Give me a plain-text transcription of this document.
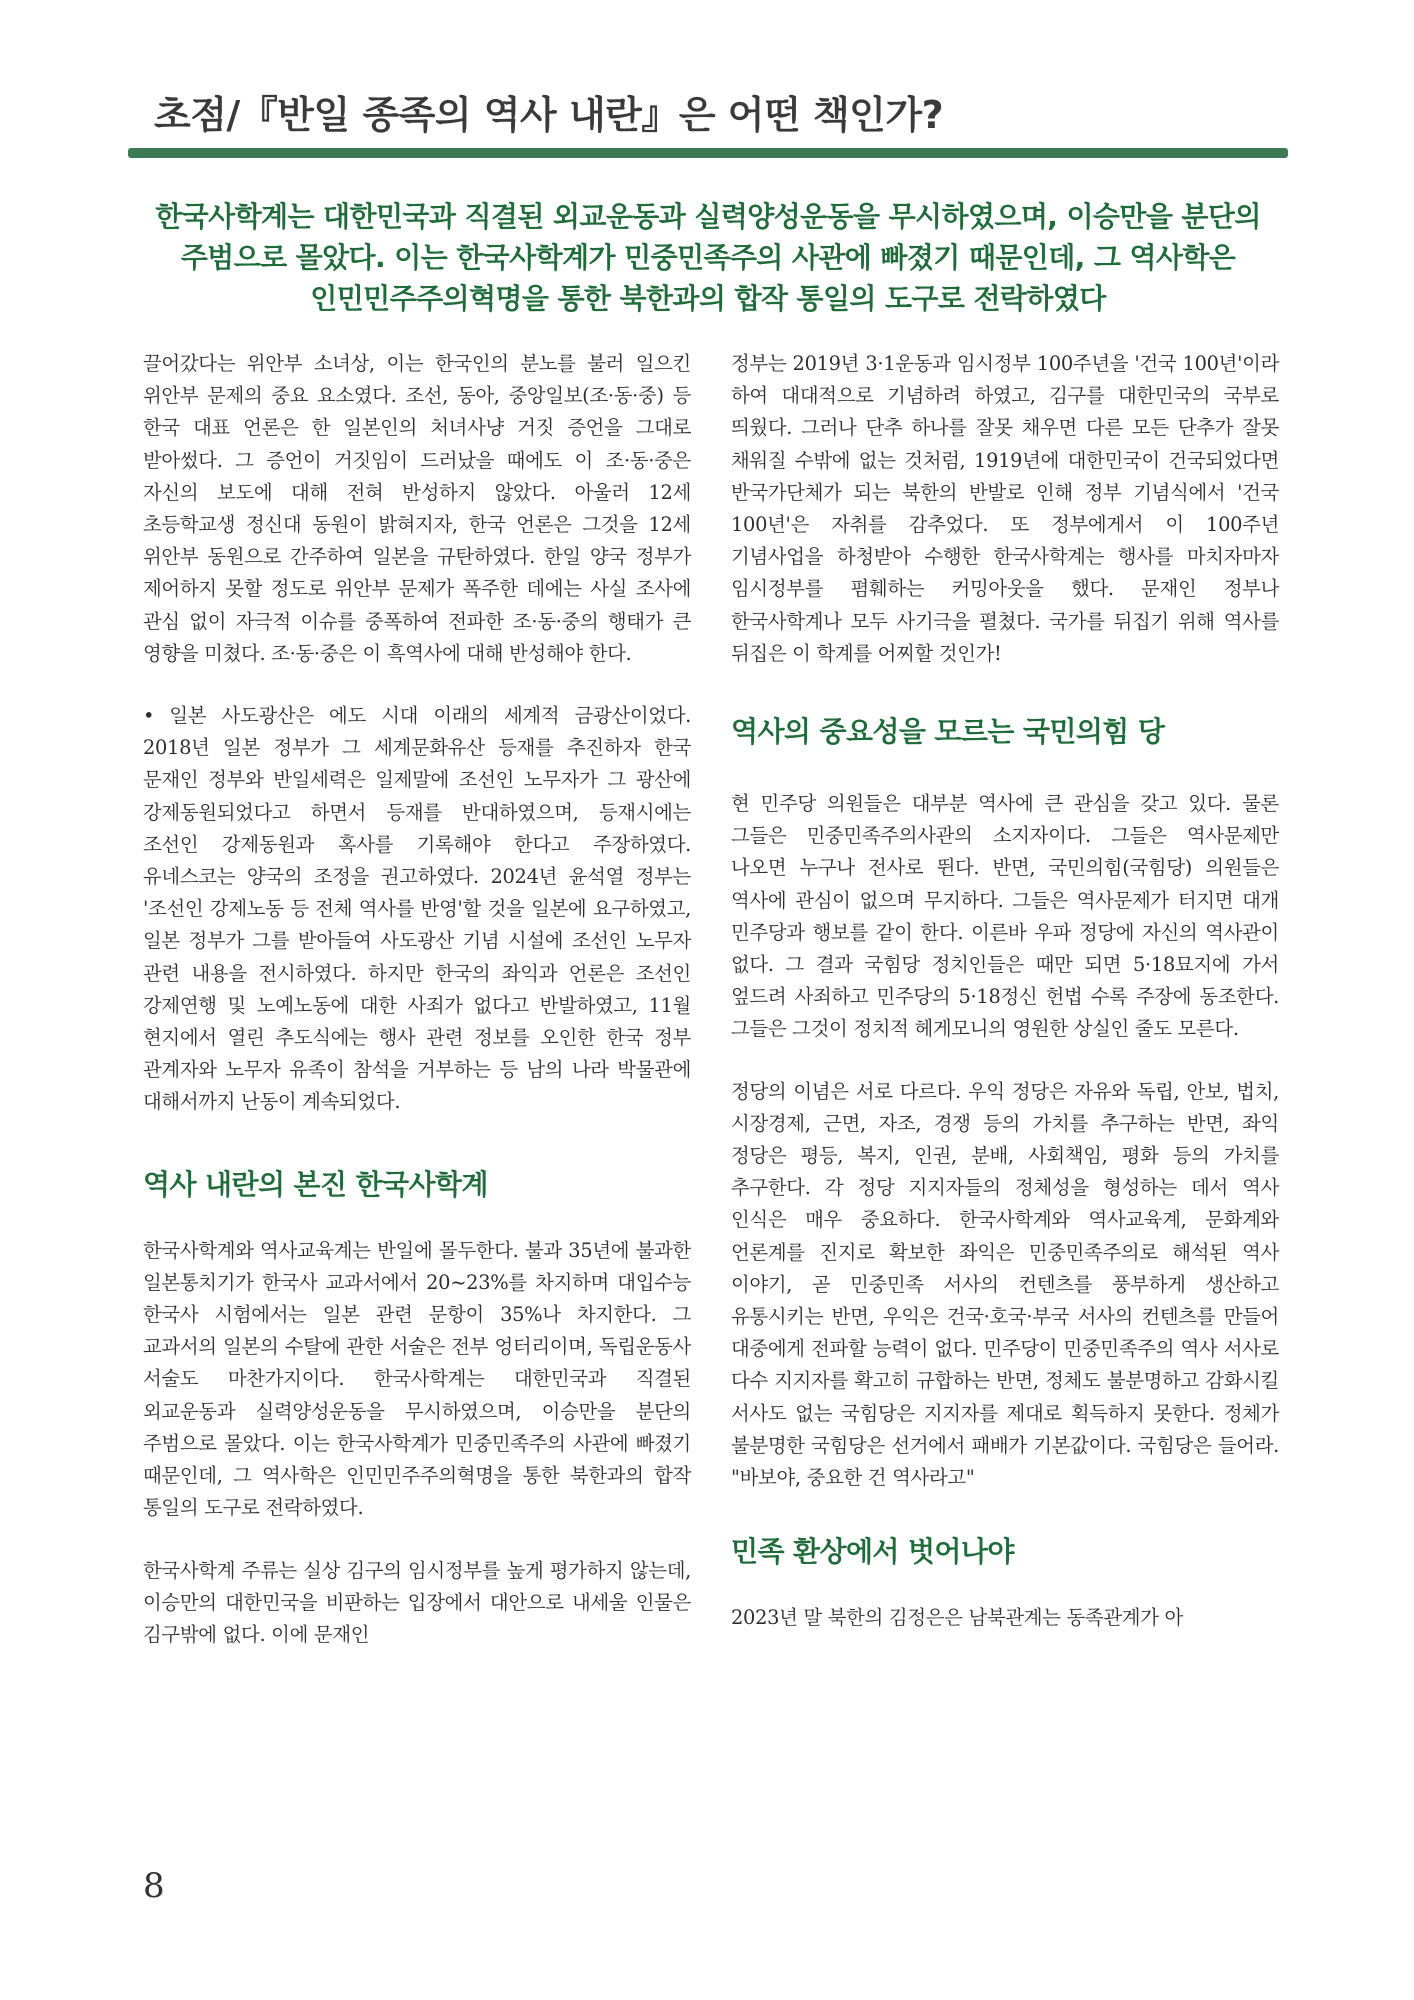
초점/『반일 종족의 역사 내란』은 어떤 책인가?

한국사학계는 대한민국과 직결된 외교운동과 실력양성운동을 무시하였으며, 이승만을 분단의

주범으로 몰았다. 이는 한국사학계가 민중민족주의 사관에 빠졌기 때문인데, 그 역사학은

인민민주주의혁명을 통한 북한과의 합작 통일의 도구로 전락하였다

끌어갔다는 위안부 소녀상, 이는 한국인의 분노를 불러 일으킨 위안부 문제의 중요 요소였다. 조선, 동아, 중앙일보(조·동·중) 등 한국 대표 언론은 한 일본인의 처녀사냥 거짓 증언을 그대로 받아썼다. 그 증언이 거짓임이 드러났을 때에도 이 조·동·중은 자신의 보도에 대해 전혀 반성하지 않았다. 아울러 12세 초등학교생 정신대 동원이 밝혀지자, 한국 언론은 그것을 12세 위안부 동원으로 간주하여 일본을 규탄하였다. 한일 양국 정부가 제어하지 못할 정도로 위안부 문제가 폭주한 데에는 사실 조사에 관심 없이 자극적 이슈를 중폭하여 전파한 조·동·중의 행태가 큰 영향을 미쳤다. 조·동·중은 이 흑역사에 대해 반성해야 한다.

• 일본 사도광산은 에도 시대 이래의 세계적 금광산이었다. 2018년 일본 정부가 그 세계문화유산 등재를 추진하자 한국 문재인 정부와 반일세력은 일제말에 조선인 노무자가 그 광산에 강제동원되었다고 하면서 등재를 반대하였으며, 등재시에는 조선인 강제동원과 혹사를 기록해야 한다고 주장하였다. 유네스코는 양국의 조정을 권고하였다. 2024년 윤석열 정부는 '조선인 강제노동 등 전체 역사를 반영'할 것을 일본에 요구하였고, 일본 정부가 그를 받아들여 사도광산 기념 시설에 조선인 노무자 관련 내용을 전시하였다. 하지만 한국의 좌익과 언론은 조선인 강제연행 및 노예노동에 대한 사죄가 없다고 반발하였고, 11월 현지에서 열린 추도식에는 행사 관련 정보를 오인한 한국 정부 관계자와 노무자 유족이 참석을 거부하는 등 남의 나라 박물관에 대해서까지 난동이 계속되었다.

역사 내란의 본진 한국사학계

한국사학계와 역사교육계는 반일에 몰두한다. 불과 35년에 불과한 일본통치기가 한국사 교과서에서 20~23%를 차지하며 대입수능 한국사 시험에서는 일본 관련 문항이 35%나 차지한다. 그 교과서의 일본의 수탈에 관한 서술은 전부 엉터리이며, 독립운동사 서술도 마찬가지이다. 한국사학계는 대한민국과 직결된 외교운동과 실력양성운동을 무시하였으며, 이승만을 분단의 주범으로 몰았다. 이는 한국사학계가 민중민족주의 사관에 빠졌기 때문인데, 그 역사학은 인민민주주의혁명을 통한 북한과의 합작 통일의 도구로 전락하였다.

한국사학계 주류는 실상 김구의 임시정부를 높게 평가하지 않는데, 이승만의 대한민국을 비판하는 입장에서 대안으로 내세울 인물은 김구밖에 없다. 이에 문재인

정부는 2019년 3·1운동과 임시정부 100주년을 '건국 100년'이라 하여 대대적으로 기념하려 하였고, 김구를 대한민국의 국부로 띄웠다. 그러나 단추 하나를 잘못 채우면 다른 모든 단추가 잘못 채워질 수밖에 없는 것처럼, 1919년에 대한민국이 건국되었다면 반국가단체가 되는 북한의 반발로 인해 정부 기념식에서 '건국 100년'은 자취를 감추었다. 또 정부에게서 이 100주년 기념사업을 하청받아 수행한 한국사학계는 행사를 마치자마자 임시정부를 폄훼하는 커밍아웃을 했다. 문재인 정부나 한국사학계나 모두 사기극을 펼쳤다. 국가를 뒤집기 위해 역사를 뒤집은 이 학계를 어찌할 것인가!

역사의 중요성을 모르는 국민의힘 당

현 민주당 의원들은 대부분 역사에 큰 관심을 갖고 있다. 물론 그들은 민중민족주의사관의 소지자이다. 그들은 역사문제만 나오면 누구나 전사로 뛴다. 반면, 국민의힘(국힘당) 의원들은 역사에 관심이 없으며 무지하다. 그들은 역사문제가 터지면 대개 민주당과 행보를 같이 한다. 이른바 우파 정당에 자신의 역사관이 없다. 그 결과 국힘당 정치인들은 때만 되면 5·18묘지에 가서 엎드려 사죄하고 민주당의 5·18정신 헌법 수록 주장에 동조한다. 그들은 그것이 정치적 헤게모니의 영원한 상실인 줄도 모른다.

정당의 이념은 서로 다르다. 우익 정당은 자유와 독립, 안보, 법치, 시장경제, 근면, 자조, 경쟁 등의 가치를 추구하는 반면, 좌익 정당은 평등, 복지, 인권, 분배, 사회책임, 평화 등의 가치를 추구한다. 각 정당 지지자들의 정체성을 형성하는 데서 역사 인식은 매우 중요하다. 한국사학계와 역사교육계, 문화계와 언론계를 진지로 확보한 좌익은 민중민족주의로 해석된 역사 이야기, 곧 민중민족 서사의 컨텐츠를 풍부하게 생산하고 유통시키는 반면, 우익은 건국·호국·부국 서사의 컨텐츠를 만들어 대중에게 전파할 능력이 없다. 민주당이 민중민족주의 역사 서사로 다수 지지자를 확고히 규합하는 반면, 정체도 불분명하고 감화시킬 서사도 없는 국힘당은 지지자를 제대로 획득하지 못한다. 정체가 불분명한 국힘당은 선거에서 패배가 기본값이다. 국힘당은 들어라. "바보야, 중요한 건 역사라고"

민족 환상에서 벗어나야

2023년 말 북한의 김정은은 남북관계는 동족관계가 아

8
